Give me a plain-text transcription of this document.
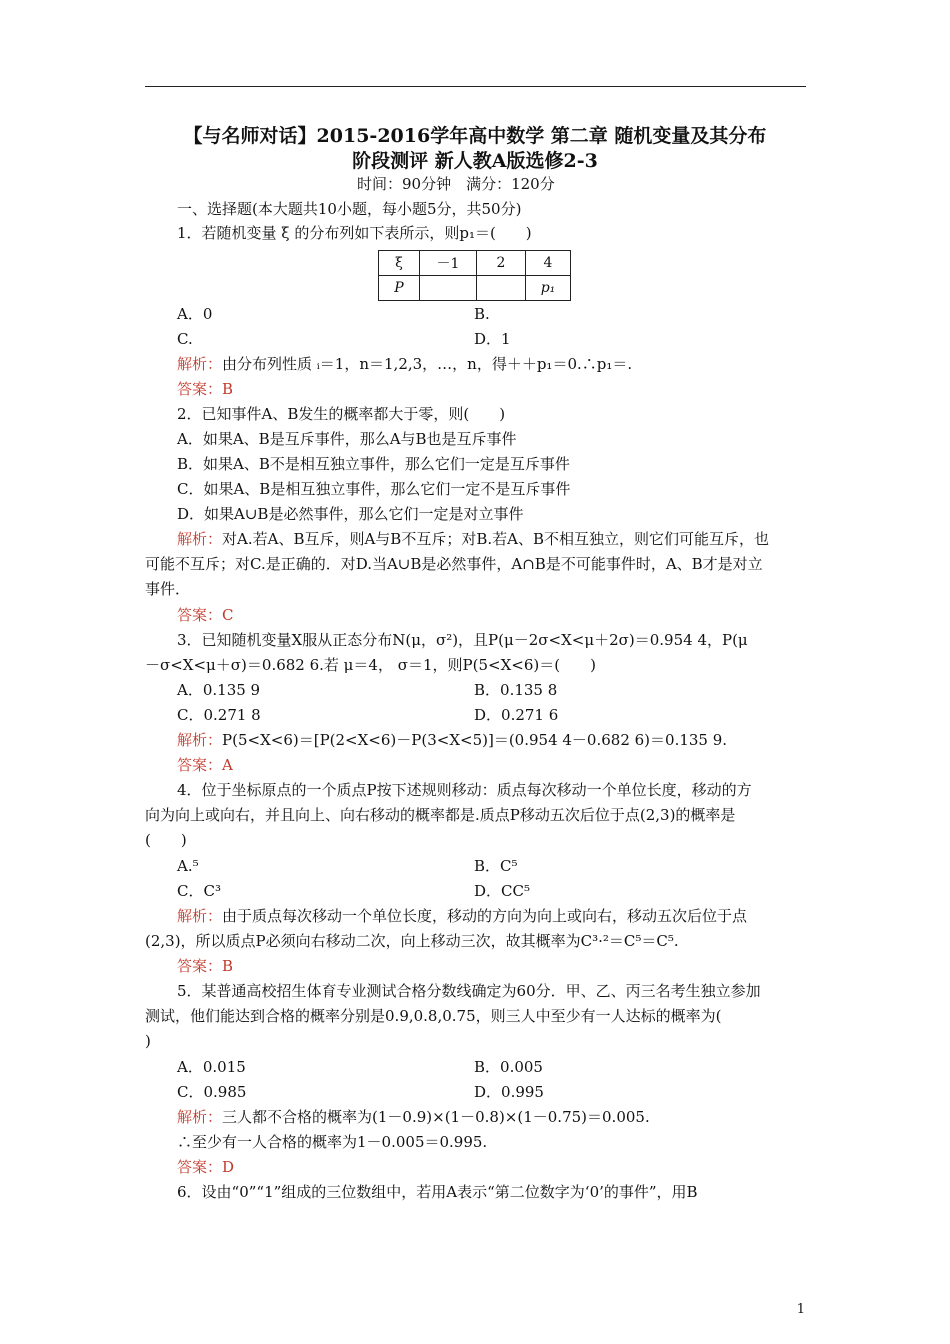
【与名师对话】2015-2016学年高中数学 第二章 随机变量及其分布
阶段测评 新人教A版选修2-3
时间：90分钟　满分：120分
一、选择题(本大题共10小题，每小题5分，共50分)
1．若随机变量 ξ 的分布列如下表所示，则p₁＝(　　)
ξ	－1	2	4
P			p₁
A．0	B.
C.	D．1
解析：由分布列性质 ᵢ＝1，n＝1,2,3，…，n，得＋＋p₁＝0.∴p₁＝.
答案：B
2．已知事件A、B发生的概率都大于零，则(　　)
A．如果A、B是互斥事件，那么A与B也是互斥事件
B．如果A、B不是相互独立事件，那么它们一定是互斥事件
C．如果A、B是相互独立事件，那么它们一定不是互斥事件
D．如果A∪B是必然事件，那么它们一定是对立事件
解析：对A.若A、B互斥，则A与B不互斥；对B.若A、B不相互独立，则它们可能互斥，也
可能不互斥；对C.是正确的．对D.当A∪B是必然事件，A∩B是不可能事件时，A、B才是对立
事件．
答案：C
3．已知随机变量X服从正态分布N(μ，σ²)，且P(μ－2σ<X<μ＋2σ)＝0.954 4，P(μ
－σ<X<μ＋σ)＝0.682 6.若 μ＝4， σ＝1，则P(5<X<6)＝(　　)
A．0.135 9	B．0.135 8
C．0.271 8	D．0.271 6
解析：P(5<X<6)＝[P(2<X<6)－P(3<X<5)]＝(0.954 4－0.682 6)＝0.135 9.
答案：A
4．位于坐标原点的一个质点P按下述规则移动：质点每次移动一个单位长度，移动的方
向为向上或向右，并且向上、向右移动的概率都是.质点P移动五次后位于点(2,3)的概率是
(　　)
A.⁵	B．C⁵
C．C³	D．CC⁵
解析：由于质点每次移动一个单位长度，移动的方向为向上或向右，移动五次后位于点
(2,3)，所以质点P必须向右移动二次，向上移动三次，故其概率为C³·²＝C⁵＝C⁵.
答案：B
5．某普通高校招生体育专业测试合格分数线确定为60分．甲、乙、丙三名考生独立参加
测试，他们能达到合格的概率分别是0.9,0.8,0.75，则三人中至少有一人达标的概率为(
)
A．0.015	B．0.005
C．0.985	D．0.995
解析：三人都不合格的概率为(1－0.9)×(1－0.8)×(1－0.75)＝0.005.
∴至少有一人合格的概率为1－0.005＝0.995.
答案：D
6．设由“0”“1”组成的三位数组中，若用A表示“第二位数字为‘0’的事件”，用B
1
